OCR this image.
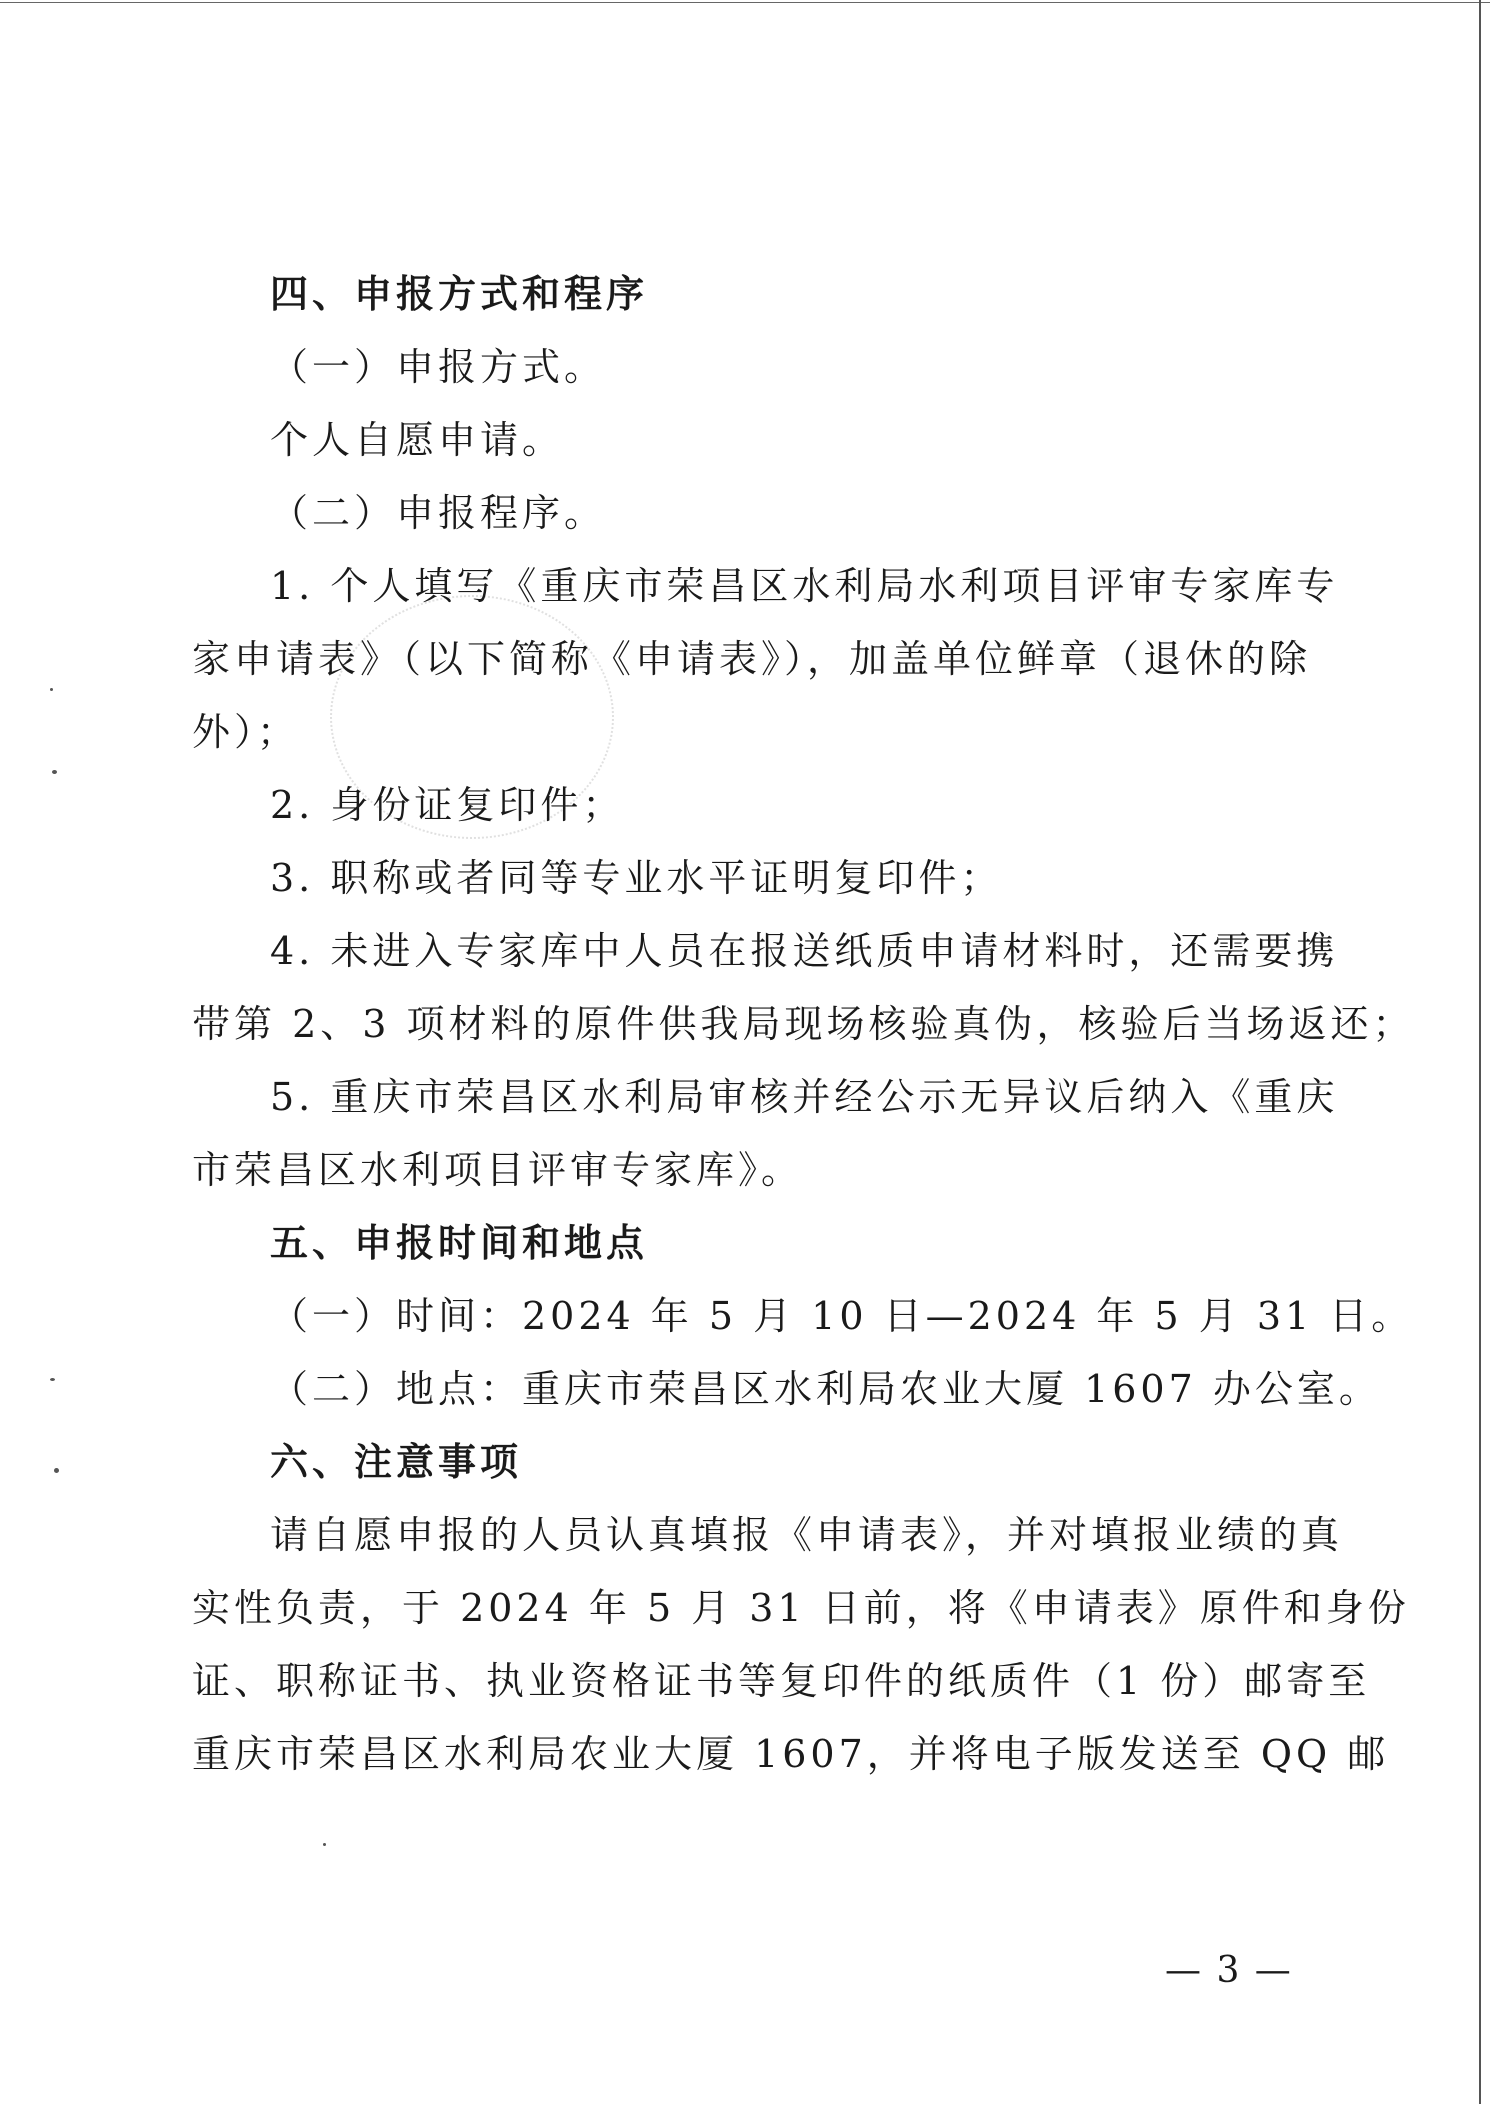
四、申报方式和程序

（一）申报方式。

个人自愿申请。

（二）申报程序。

1. 个人填写《重庆市荣昌区水利局水利项目评审专家库专

家申请表》（以下简称《申请表》），加盖单位鲜章（退休的除

外）；

2. 身份证复印件；

3. 职称或者同等专业水平证明复印件；

4. 未进入专家库中人员在报送纸质申请材料时，还需要携

带第 2、3 项材料的原件供我局现场核验真伪，核验后当场返还；

5. 重庆市荣昌区水利局审核并经公示无异议后纳入《重庆

市荣昌区水利项目评审专家库》。

五、申报时间和地点

（一）时间：2024 年 5 月 10 日—2024 年 5 月 31 日。

（二）地点：重庆市荣昌区水利局农业大厦 1607 办公室。

六、注意事项

请自愿申报的人员认真填报《申请表》，并对填报业绩的真

实性负责，于 2024 年 5 月 31 日前，将《申请表》原件和身份

证、职称证书、执业资格证书等复印件的纸质件（1 份）邮寄至

重庆市荣昌区水利局农业大厦 1607，并将电子版发送至 QQ 邮

— 3 —
